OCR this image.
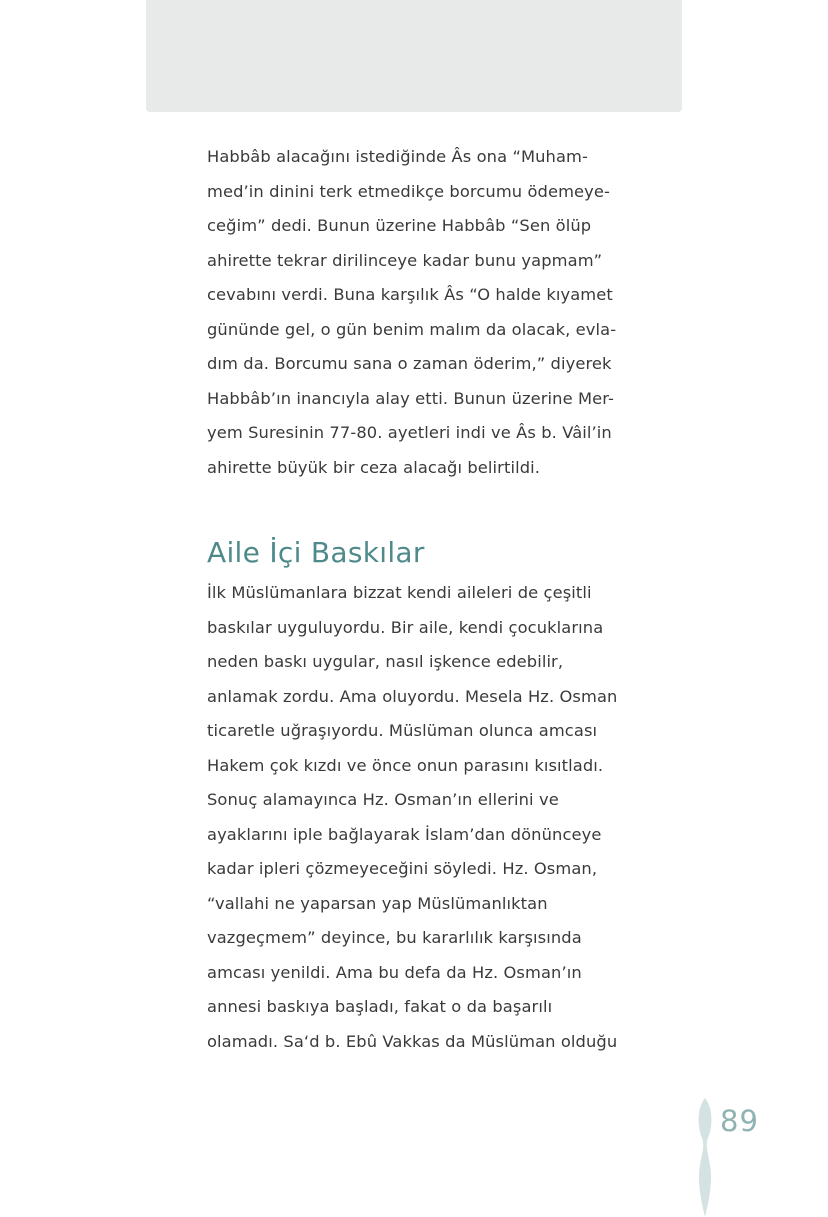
Habbâb alacağını istediğinde Âs ona “Muham-
med’in dinini terk etmedikçe borcumu ödemeye-
ceğim” dedi. Bunun üzerine Habbâb “Sen ölüp
ahirette tekrar dirilinceye kadar bunu yapmam”
cevabını verdi. Buna karşılık Âs “O halde kıyamet
gününde gel, o gün benim malım da olacak, evla-
dım da. Borcumu sana o zaman öderim,” diyerek
Habbâb’ın inancıyla alay etti. Bunun üzerine Mer-
yem Suresinin 77-80. ayetleri indi ve Âs b. Vâil’in
ahirette büyük bir ceza alacağı belirtildi.

Aile İçi Baskılar

İlk Müslümanlara bizzat kendi aileleri de çeşitli
baskılar uyguluyordu. Bir aile, kendi çocuklarına
neden baskı uygular, nasıl işkence edebilir,
anlamak zordu. Ama oluyordu. Mesela Hz. Osman
ticaretle uğraşıyordu. Müslüman olunca amcası
Hakem çok kızdı ve önce onun parasını kısıtladı.
Sonuç alamayınca Hz. Osman’ın ellerini ve
ayaklarını iple bağlayarak İslam’dan dönünceye
kadar ipleri çözmeyeceğini söyledi. Hz. Osman,
“vallahi ne yaparsan yap Müslümanlıktan
vazgeçmem” deyince, bu kararlılık karşısında
amcası yenildi. Ama bu defa da Hz. Osman’ın
annesi baskıya başladı, fakat o da başarılı
olamadı. Sa‘d b. Ebû Vakkas da Müslüman olduğu

89
